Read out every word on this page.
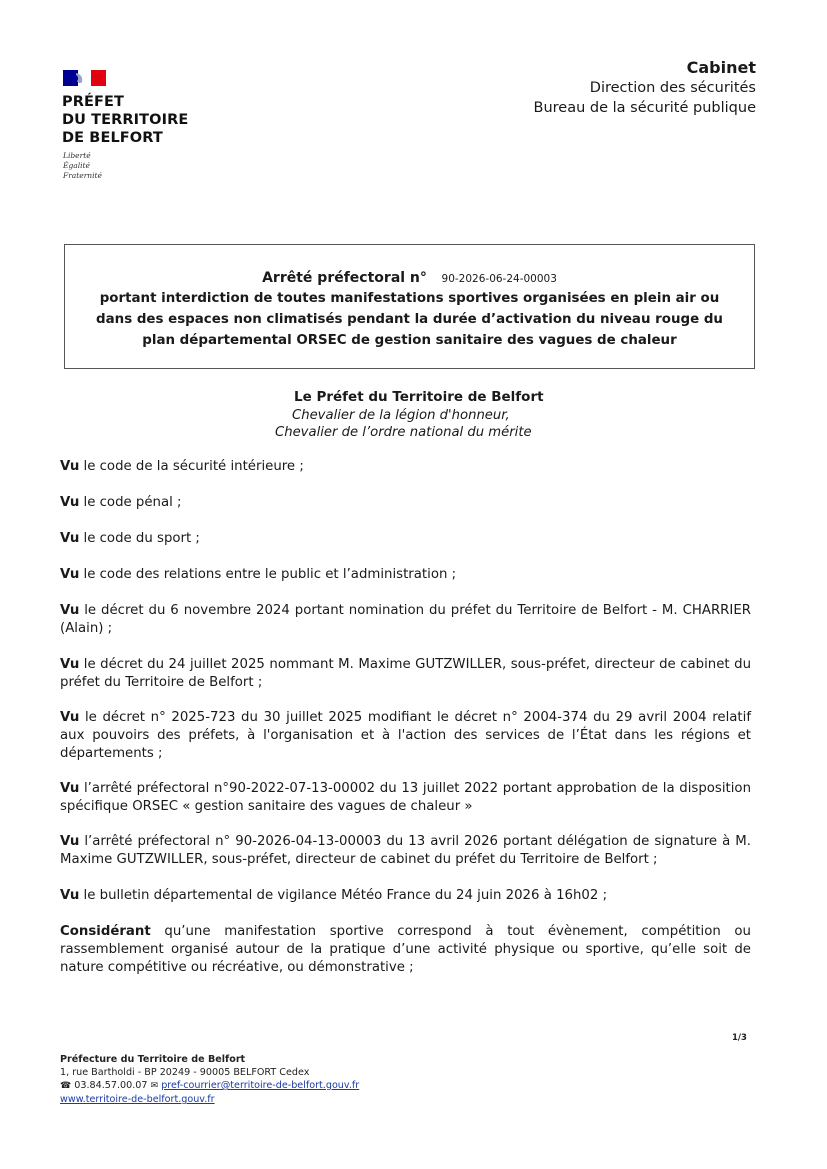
PRÉFET
DU TERRITOIRE
DE BELFORT
Liberté
Égalité
Fraternité
Cabinet
Direction des sécurités
Bureau de la sécurité publique
Arrêté préfectoral n° 90-2026-06-24-00003
portant interdiction de toutes manifestations sportives organisées en plein air ou
dans des espaces non climatisés pendant la durée d’activation du niveau rouge du
plan départemental ORSEC de gestion sanitaire des vagues de chaleur
Le Préfet du Territoire de Belfort
Chevalier de la légion d'honneur,
Chevalier de l’ordre national du mérite
Vu le code de la sécurité intérieure ;
Vu le code pénal ;
Vu le code du sport ;
Vu le code des relations entre le public et l’administration ;
Vu le décret du 6 novembre 2024 portant nomination du préfet du Territoire de Belfort - M. CHARRIER (Alain) ;
Vu le décret du 24 juillet 2025 nommant M. Maxime GUTZWILLER, sous-préfet, directeur de cabinet du préfet du Territoire de Belfort ;
Vu le décret n° 2025-723 du 30 juillet 2025 modifiant le décret n° 2004-374 du 29 avril 2004 relatif aux pouvoirs des préfets, à l'organisation et à l'action des services de l’État dans les régions et départements ;
Vu l’arrêté préfectoral n°90-2022-07-13-00002 du 13 juillet 2022 portant approbation de la disposition spécifique ORSEC « gestion sanitaire des vagues de chaleur »
Vu l’arrêté préfectoral n° 90-2026-04-13-00003 du 13 avril 2026 portant délégation de signature à M. Maxime GUTZWILLER, sous-préfet, directeur de cabinet du préfet du Territoire de Belfort ;
Vu le bulletin départemental de vigilance Météo France du 24 juin 2026 à 16h02 ;
Considérant qu’une manifestation sportive correspond à tout évènement, compétition ou rassemblement organisé autour de la pratique d’une activité physique ou sportive, qu’elle soit de nature compétitive ou récréative, ou démonstrative ;
1/3
Préfecture du Territoire de Belfort
1, rue Bartholdi - BP 20249 - 90005 BELFORT Cedex
☎ 03.84.57.00.07 ✉ pref-courrier@territoire-de-belfort.gouv.fr
www.territoire-de-belfort.gouv.fr
